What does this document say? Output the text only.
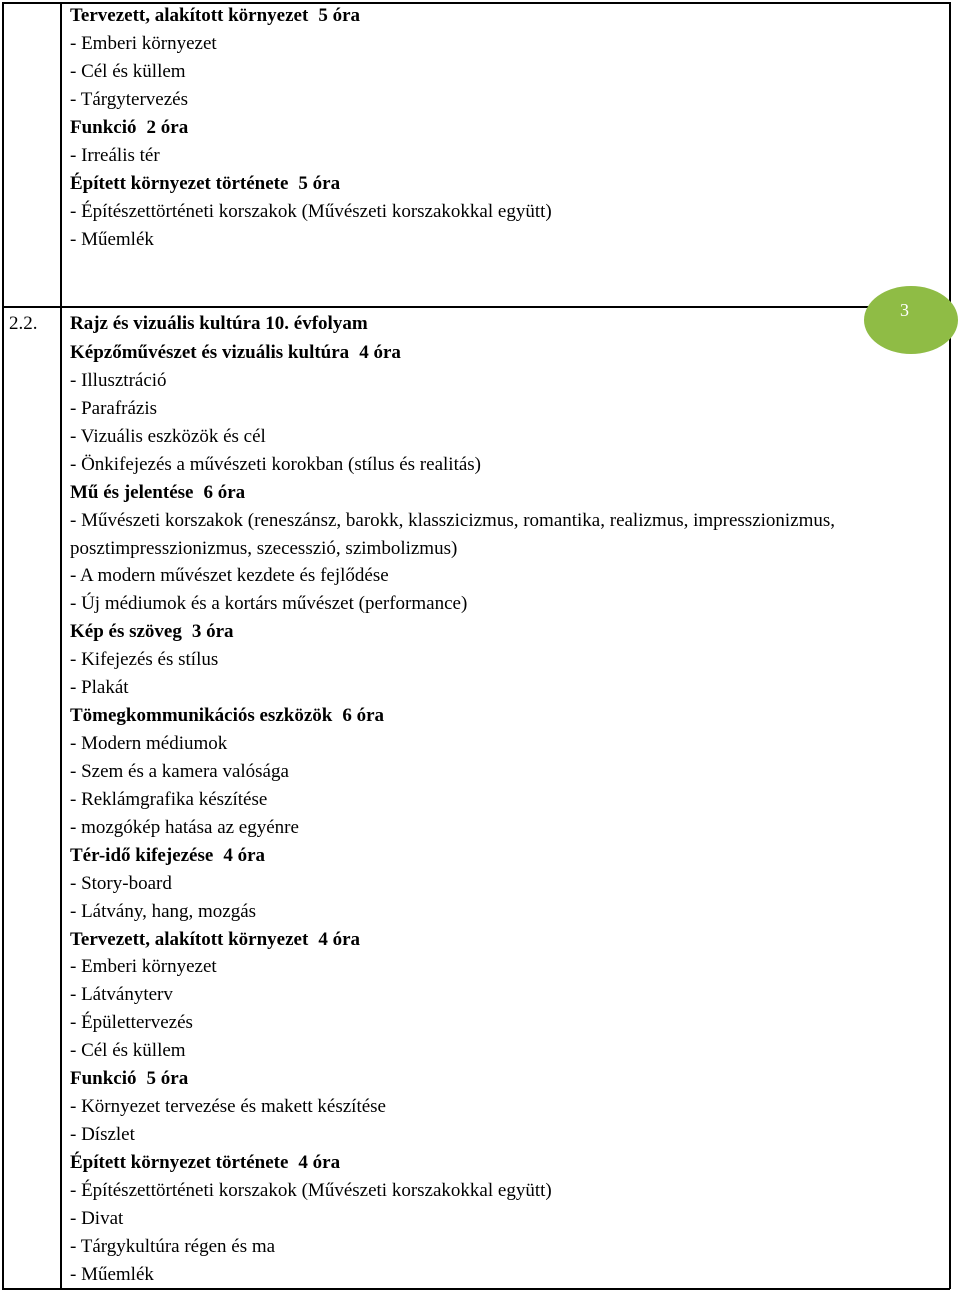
Tervezett, alakított környezet 5 óra
- Emberi környezet
- Cél és küllem
- Tárgytervezés
Funkció 2 óra
- Irreális tér
Épített környezet története 5 óra
- Építészettörténeti korszakok (Művészeti korszakokkal együtt)
- Műemlék
3
2.2. Rajz és vizuális kultúra 10. évfolyam
Képzőművészet és vizuális kultúra 4 óra
- Illusztráció
- Parafrázis
- Vizuális eszközök és cél
- Önkifejezés a művészeti korokban (stílus és realitás)
Mű és jelentése 6 óra
- Művészeti korszakok (reneszánsz, barokk, klasszicizmus, romantika, realizmus, impresszionizmus,
posztimpresszionizmus, szecesszió, szimbolizmus)
- A modern művészet kezdete és fejlődése
- Új médiumok és a kortárs művészet (performance)
Kép és szöveg 3 óra
- Kifejezés és stílus
- Plakát
Tömegkommunikációs eszközök 6 óra
- Modern médiumok
- Szem és a kamera valósága
- Reklámgrafika készítése
- mozgókép hatása az egyénre
Tér-idő kifejezése 4 óra
- Story-board
- Látvány, hang, mozgás
Tervezett, alakított környezet 4 óra
- Emberi környezet
- Látványterv
- Épülettervezés
- Cél és küllem
Funkció 5 óra
- Környezet tervezése és makett készítése
- Díszlet
Épített környezet története 4 óra
- Építészettörténeti korszakok (Művészeti korszakokkal együtt)
- Divat
- Tárgykultúra régen és ma
- Műemlék
